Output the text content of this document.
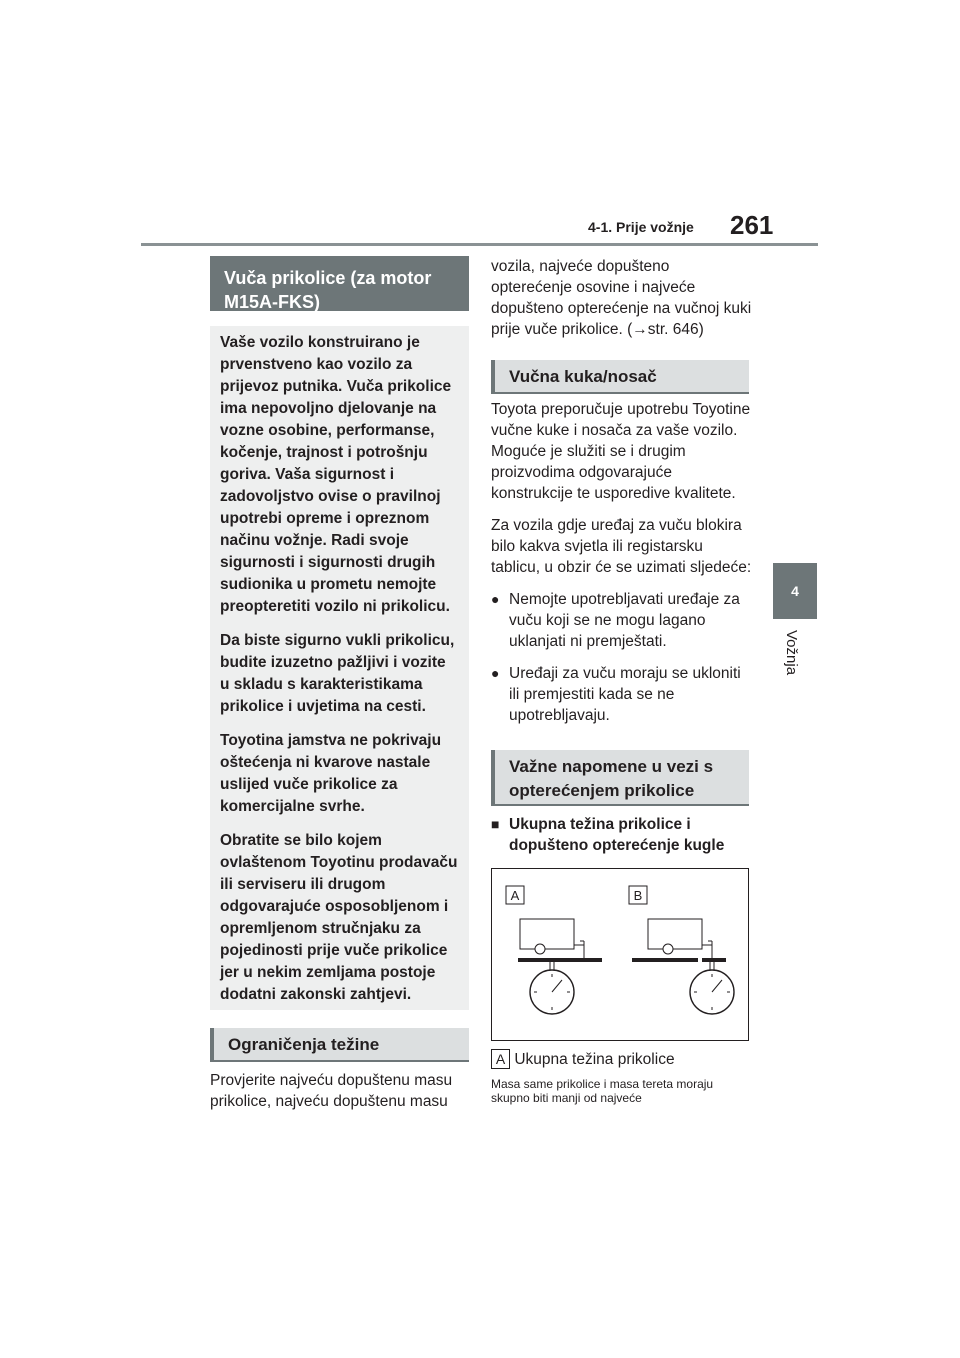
4-1. Prije vožnje 261
4
Vožnja
Vuča prikolice (za motor M15A-FKS)

Vaše vozilo konstruirano je prvenstveno kao vozilo za prijevoz putnika. Vuča prikolice ima nepovoljno djelovanje na vozne osobine, performanse, kočenje, trajnost i potrošnju goriva. Vaša sigurnost i zadovoljstvo ovise o pravilnoj upotrebi opreme i opreznom načinu vožnje. Radi svoje sigurnosti i sigurnosti drugih sudionika u prometu nemojte preopteretiti vozilo ni prikolicu.

Da biste sigurno vukli prikolicu, budite izuzetno pažljivi i vozite u skladu s karakteristikama prikolice i uvjetima na cesti.

Toyotina jamstva ne pokrivaju oštećenja ni kvarove nastale uslijed vuče prikolice za komercijalne svrhe.

Obratite se bilo kojem ovlaštenom Toyotinu prodavaču ili serviseru ili drugom odgovarajuće osposobljenom i opremljenom stručnjaku za pojedinosti prije vuče prikolice jer u nekim zemljama postoje dodatni zakonski zahtjevi.

Ograničenja težine
Provjerite najveću dopuštenu masu prikolice, najveću dopuštenu masu
vozila, najveće dopušteno opterećenje osovine i najveće dopušteno opterećenje na vučnoj kuki prije vuče prikolice. (→str. 646)
Vučna kuka/nosač

Toyota preporučuje upotrebu Toyotine vučne kuke i nosača za vaše vozilo. Moguće je služiti se i drugim proizvodima odgovarajuće konstrukcije te usporedive kvalitete.

Za vozila gdje uređaj za vuču blokira bilo kakva svjetla ili registarsku tablicu, u obzir će se uzimati sljedeće:

● Nemojte upotrebljavati uređaje za vuču koji se ne mogu lagano uklanjati ni premještati.
● Uređaji za vuču moraju se ukloniti ili premjestiti kada se ne upotrebljavaju.
Važne napomene u vezi s opterećenjem prikolice
■ Ukupna težina prikolice i dopušteno opterećenje kugle
A	B
A Ukupna težina prikolice
Masa same prikolice i masa tereta moraju skupno biti manji od najveće
